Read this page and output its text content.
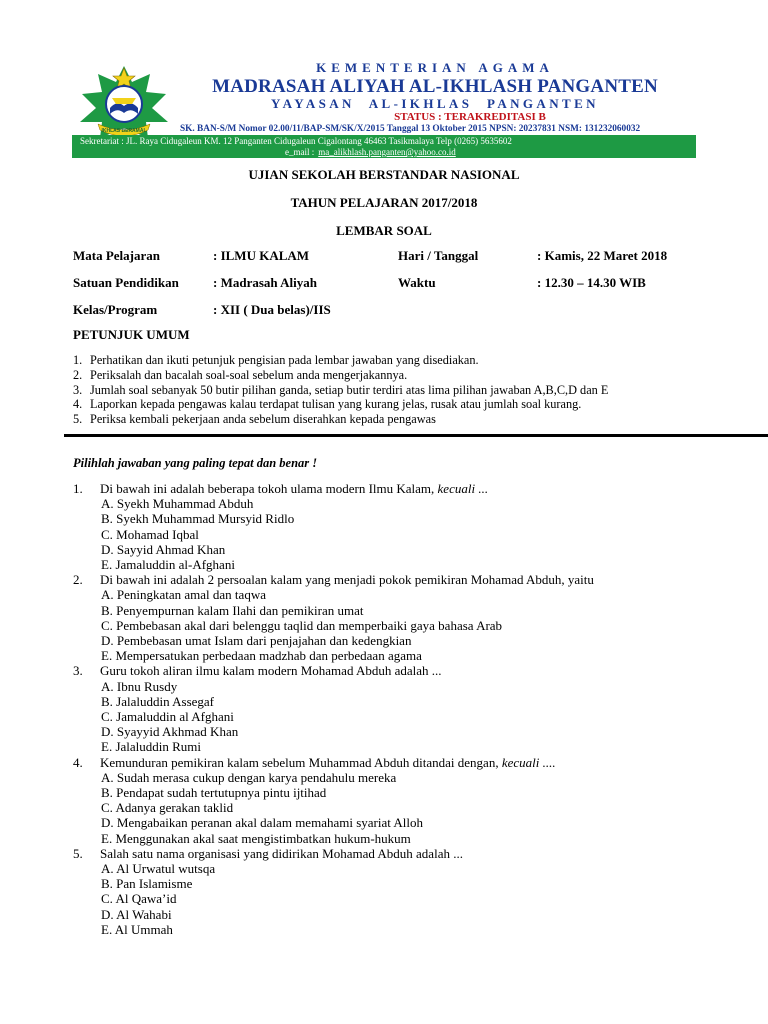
IKHLAS BERAMAL
KEMENTERIAN AGAMA
MADRASAH ALIYAH AL-IKHLASH PANGANTEN
YAYASAN AL-IKHLAS PANGANTEN
STATUS : TERAKREDITASI B
SK. BAN-S/M Nomor 02.00/11/BAP-SM/SK/X/2015 Tanggal 13 Oktober 2015 NPSN: 20237831 NSM: 131232060032
Sekretariat : JL. Raya Cidugaleun KM. 12 Panganten Cidugaleun Cigalontang 46463 Tasikmalaya Telp (0265) 5635602
e_mail : ma_alikhlash.panganten@yahoo.co.id
UJIAN SEKOLAH BERSTANDAR NASIONAL
TAHUN PELAJARAN 2017/2018
LEMBAR SOAL
Mata Pelajaran	: ILMU KALAM	Hari / Tanggal	: Kamis, 22 Maret 2018
Satuan Pendidikan	: Madrasah Aliyah	Waktu	: 12.30 – 14.30 WIB
Kelas/Program	: XII ( Dua belas)/IIS
PETUNJUK UMUM
1. Perhatikan dan ikuti petunjuk pengisian pada lembar jawaban yang disediakan.
2. Periksalah dan bacalah soal-soal sebelum anda mengerjakannya.
3. Jumlah soal sebanyak 50 butir pilihan ganda, setiap butir terdiri atas lima pilihan jawaban A,B,C,D dan E
4. Laporkan kepada pengawas kalau terdapat tulisan yang kurang jelas, rusak atau jumlah soal kurang.
5. Periksa kembali pekerjaan anda sebelum diserahkan kepada pengawas
Pilihlah jawaban yang paling tepat dan benar !
1. Di bawah ini adalah beberapa tokoh ulama modern Ilmu Kalam, kecuali ...
A. Syekh Muhammad Abduh
B. Syekh Muhammad Mursyid Ridlo
C. Mohamad Iqbal
D. Sayyid Ahmad Khan
E. Jamaluddin al-Afghani
2. Di bawah ini adalah 2 persoalan kalam yang menjadi pokok pemikiran Mohamad Abduh, yaitu
A. Peningkatan amal dan taqwa
B. Penyempurnan kalam Ilahi dan pemikiran umat
C. Pembebasan akal dari belenggu taqlid dan memperbaiki gaya bahasa Arab
D. Pembebasan umat Islam dari penjajahan dan kedengkian
E. Mempersatukan perbedaan madzhab dan perbedaan agama
3. Guru tokoh aliran ilmu kalam modern Mohamad Abduh adalah ...
A. Ibnu Rusdy
B. Jalaluddin Assegaf
C. Jamaluddin al Afghani
D. Syayyid Akhmad Khan
E. Jalaluddin Rumi
4. Kemunduran pemikiran kalam sebelum Muhammad Abduh ditandai dengan, kecuali ....
A. Sudah merasa cukup dengan karya pendahulu mereka
B. Pendapat sudah tertutupnya pintu ijtihad
C. Adanya gerakan taklid
D. Mengabaikan peranan akal dalam memahami syariat Alloh
E. Menggunakan akal saat mengistimbatkan hukum-hukum
5. Salah satu nama organisasi yang didirikan Mohamad Abduh adalah ...
A. Al Urwatul wutsqa
B. Pan Islamisme
C. Al Qawa’id
D. Al Wahabi
E. Al Ummah
